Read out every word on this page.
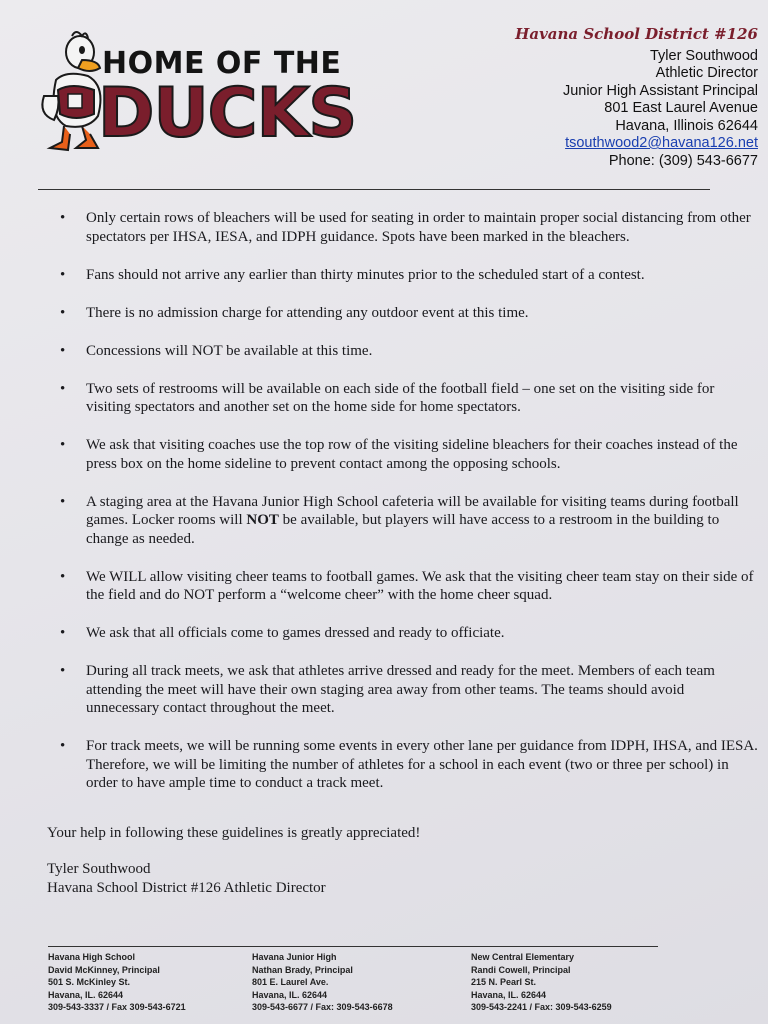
HOME OF THE
DUCKS
Havana School District #126
Tyler Southwood
Athletic Director
Junior High Assistant Principal
801 East Laurel Avenue
Havana, Illinois 62644
tsouthwood2@havana126.net
Phone: (309) 543-6677
• Only certain rows of bleachers will be used for seating in order to maintain proper social distancing from other spectators per IHSA, IESA, and IDPH guidance. Spots have been marked in the bleachers.
• Fans should not arrive any earlier than thirty minutes prior to the scheduled start of a contest.
• There is no admission charge for attending any outdoor event at this time.
• Concessions will NOT be available at this time.
• Two sets of restrooms will be available on each side of the football field – one set on the visiting side for visiting spectators and another set on the home side for home spectators.
• We ask that visiting coaches use the top row of the visiting sideline bleachers for their coaches instead of the press box on the home sideline to prevent contact among the opposing schools.
• A staging area at the Havana Junior High School cafeteria will be available for visiting teams during football games. Locker rooms will NOT be available, but players will have access to a restroom in the building to change as needed.
• We WILL allow visiting cheer teams to football games. We ask that the visiting cheer team stay on their side of the field and do NOT perform a “welcome cheer” with the home cheer squad.
• We ask that all officials come to games dressed and ready to officiate.
• During all track meets, we ask that athletes arrive dressed and ready for the meet. Members of each team attending the meet will have their own staging area away from other teams. The teams should avoid unnecessary contact throughout the meet.
• For track meets, we will be running some events in every other lane per guidance from IDPH, IHSA, and IESA. Therefore, we will be limiting the number of athletes for a school in each event (two or three per school) in order to have ample time to conduct a track meet.
Your help in following these guidelines is greatly appreciated!
Tyler Southwood
Havana School District #126 Athletic Director
Havana High School
David McKinney, Principal
501 S. McKinley St.
Havana, IL. 62644
309-543-3337 / Fax 309-543-6721
Havana Junior High
Nathan Brady, Principal
801 E. Laurel Ave.
Havana, IL. 62644
309-543-6677 / Fax: 309-543-6678
New Central Elementary
Randi Cowell, Principal
215 N. Pearl St.
Havana, IL. 62644
309-543-2241 / Fax: 309-543-6259
